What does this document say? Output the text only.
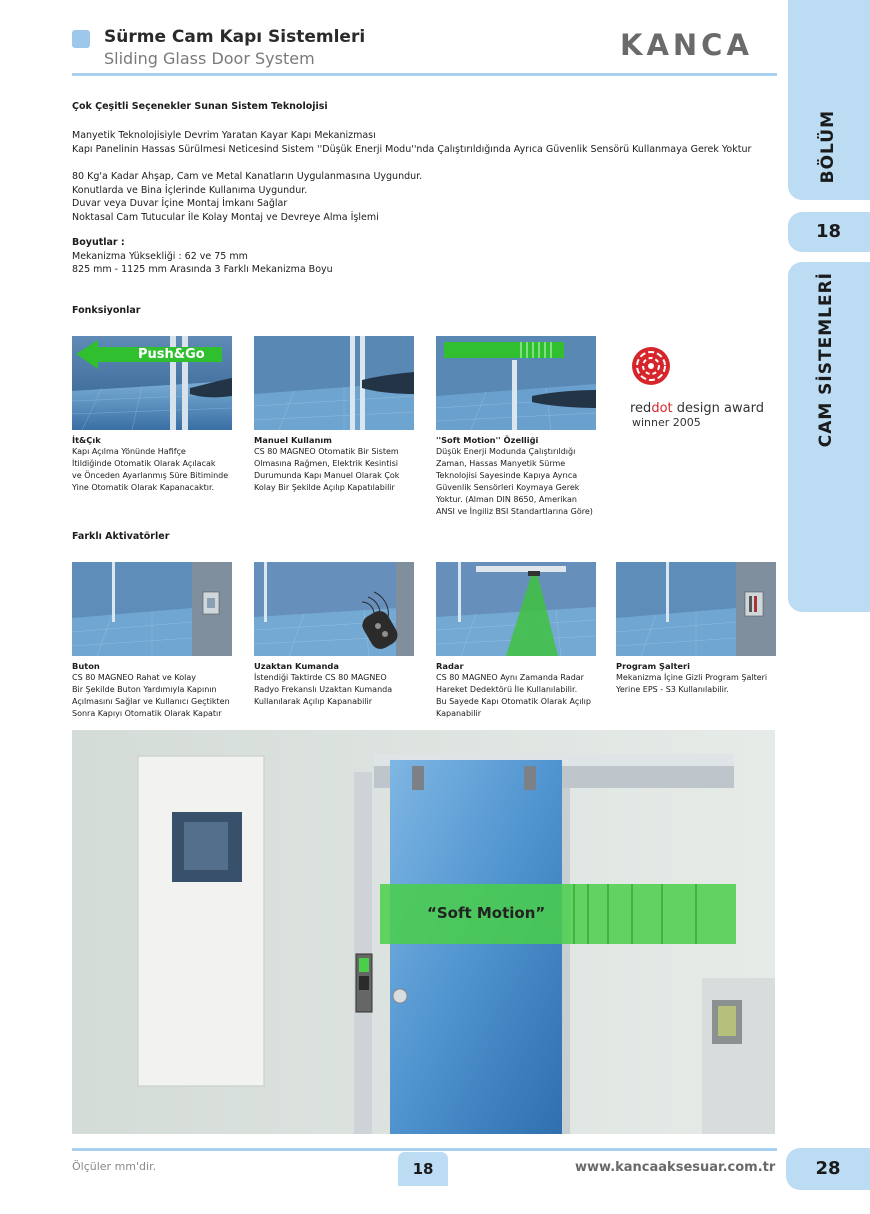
Sürme Cam Kapı Sistemleri
Sliding Glass Door System	KANCA
BÖLÜM
18
CAM SİSTEMLERİ
Çok Çeşitli Seçenekler Sunan Sistem Teknolojisi
Manyetik Teknolojisiyle Devrim Yaratan Kayar Kapı Mekanizması
Kapı Panelinin Hassas Sürülmesi Neticesind Sistem ''Düşük Enerji Modu''nda Çalıştırıldığında Ayrıca Güvenlik Sensörü Kullanmaya Gerek Yoktur
80 Kg'a Kadar Ahşap, Cam ve Metal Kanatların Uygulanmasına Uygundur.
Konutlarda ve Bina İçlerinde Kullanıma Uygundur.
Duvar veya Duvar İçine Montaj İmkanı Sağlar
Noktasal Cam Tutucular İle Kolay Montaj ve Devreye Alma İşlemi
Boyutlar :
Mekanizma Yüksekliği : 62 ve 75 mm
825 mm - 1125 mm Arasında 3 Farklı Mekanizma Boyu
Fonksiyonlar
Push&Go
İt&Çık
Kapı Açılma Yönünde Hafifçe
İtildiğinde Otomatik Olarak Açılacak
ve Önceden Ayarlanmış Süre Bitiminde
Yine Otomatik Olarak Kapanacaktır.
Manuel Kullanım
CS 80 MAGNEO Otomatik Bir Sistem
Olmasına Rağmen, Elektrik Kesintisi
Durumunda Kapı Manuel Olarak Çok
Kolay Bir Şekilde Açılıp Kapatılabilir
''Soft Motion'' Özelliği
Düşük Enerji Modunda Çalıştırıldığı
Zaman, Hassas Manyetik Sürme
Teknolojisi Sayesinde Kapıya Ayrıca
Güvenlik Sensörleri Koymaya Gerek
Yoktur. (Alman DIN 8650, Amerikan
ANSI ve İngiliz BSI Standartlarına Göre)
reddot design award
winner 2005
Farklı Aktivatörler
Buton
CS 80 MAGNEO Rahat ve Kolay
Bir Şekilde Buton Yardımıyla Kapının
Açılmasını Sağlar ve Kullanıcı Geçtikten
Sonra Kapıyı Otomatik Olarak Kapatır
Uzaktan Kumanda
İstendiği Taktirde CS 80 MAGNEO
Radyo Frekanslı Uzaktan Kumanda
Kullanılarak Açılıp Kapanabilir
Radar
CS 80 MAGNEO Aynı Zamanda Radar
Hareket Dedektörü İle Kullanılabilir.
Bu Sayede Kapı Otomatik Olarak Açılıp
Kapanabilir
Program Şalteri
Mekanizma İçine Gizli Program Şalteri
Yerine EPS - S3 Kullanılabilir.
“Soft Motion”
Ölçüler mm'dir.	18	www.kancaaksesuar.com.tr	28
